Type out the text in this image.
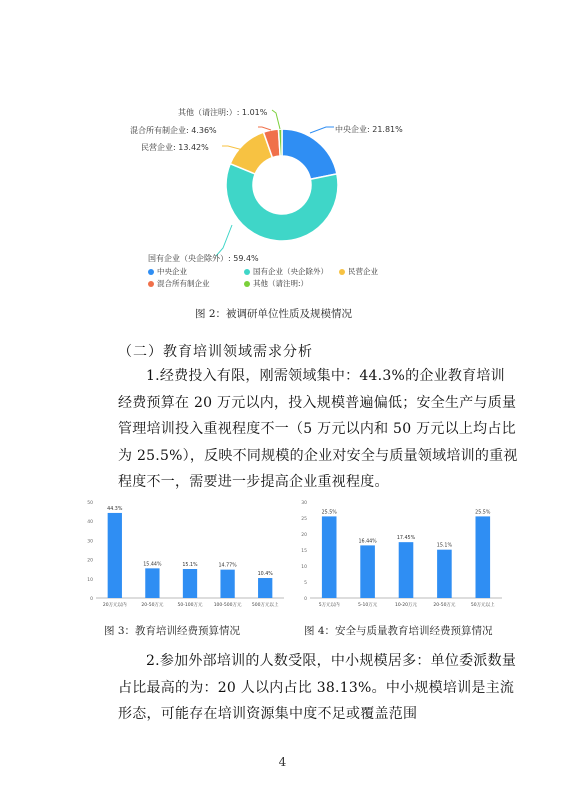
其他（请注明:）: 1.01%
混合所有制企业: 4.36%
民营企业: 13.42%
中央企业: 21.81%
国有企业（央企除外）: 59.4%
中央企业	国有企业（央企除外）	民营企业
混合所有制企业	其他（请注明:）
图 2：被调研单位性质及规模情况
（二）教育培训领域需求分析

1.经费投入有限，刚需领域集中：44.3%的企业教育培训经费预算在 20 万元以内，投入规模普遍偏低；安全生产与质量管理培训投入重视程度不一（5 万元以内和 50 万元以上均占比为 25.5%），反映不同规模的企业对安全与质量领域培训的重视程度不一，需要进一步提高企业重视程度。

0
10
20
30
40
50
44.3%
20万元以内
15.44%
20-50万元
15.1%
50-100万元
14.77%
100-500万元
10.4%
500万元以上
0
5
10
15
20
25
30
25.5%
5万元以内
16.44%
5-10万元
17.45%
10-20万元
15.1%
20-50万元
25.5%
50万元以上
图 3：教育培训经费预算情况	图 4：安全与质量教育培训经费预算情况

2.参加外部培训的人数受限，中小规模居多：单位委派数量占比最高的为：20 人以内占比 38.13%。中小规模培训是主流形态，可能存在培训资源集中度不足或覆盖范围

4
